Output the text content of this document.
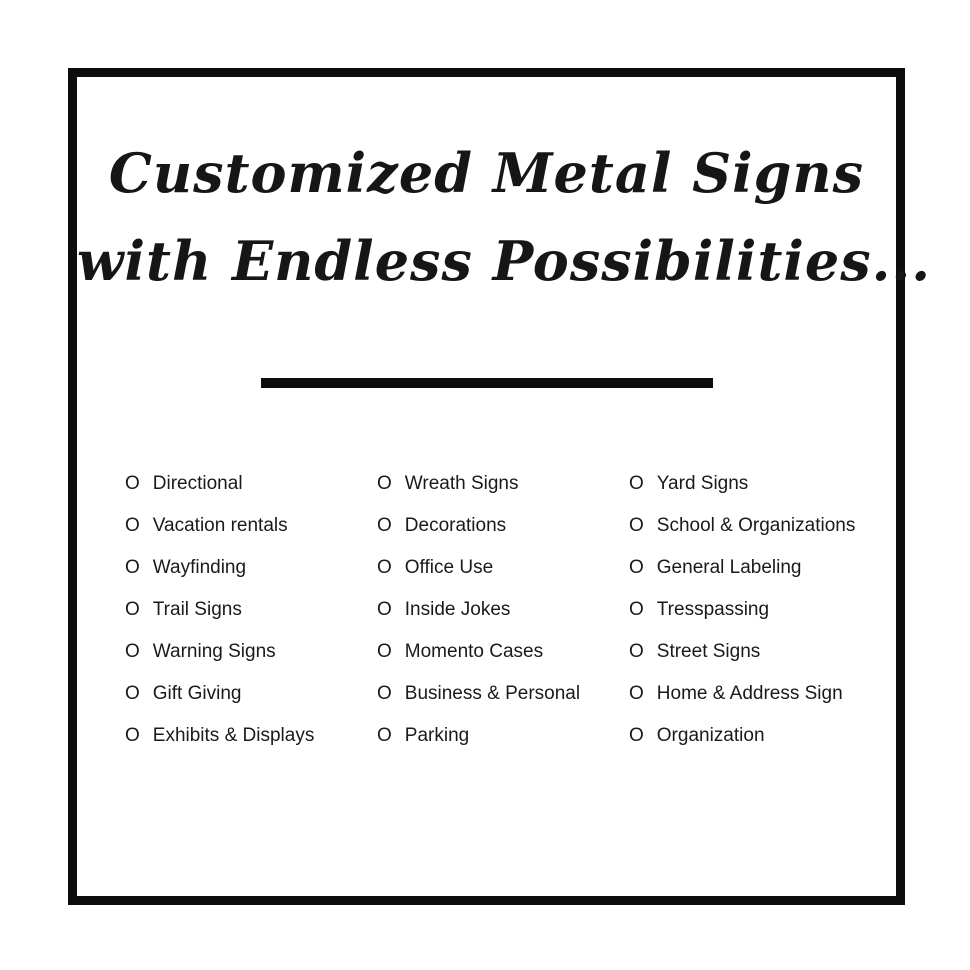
Customized Metal Signs
with Endless Possibilities...
O Directional
O Vacation rentals
O Wayfinding
O Trail Signs
O Warning Signs
O Gift Giving
O Exhibits & Displays
O Wreath Signs
O Decorations
O Office Use
O Inside Jokes
O Momento Cases
O Business & Personal
O Parking
O Yard Signs
O School & Organizations
O General Labeling
O Tresspassing
O Street Signs
O Home & Address Sign
O Organization
